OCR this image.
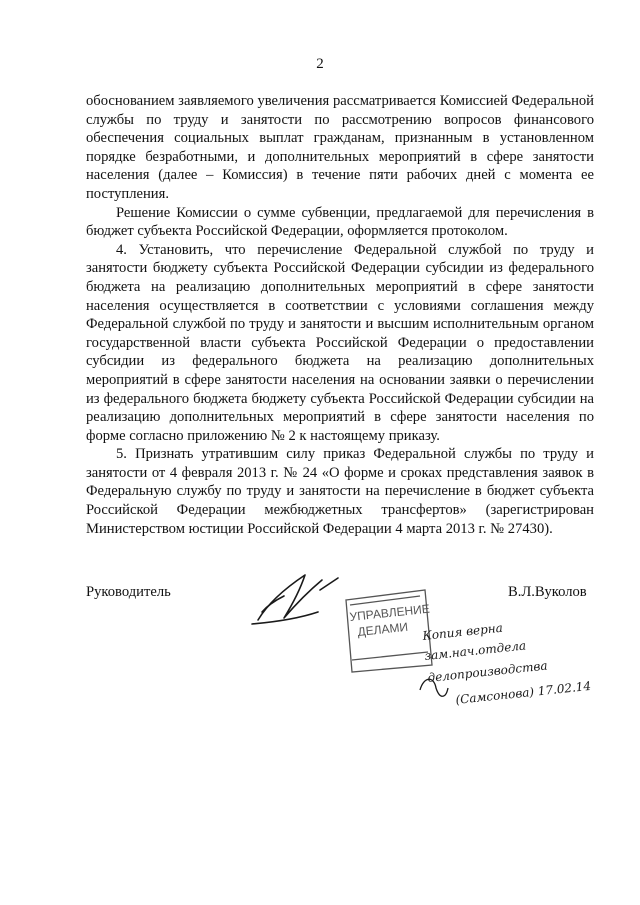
2

обоснованием заявляемого увеличения рассматривается Комиссией Федеральной службы по труду и занятости по рассмотрению вопросов финансового обеспечения социальных выплат гражданам, признанным в установленном порядке безработными, и дополнительных мероприятий в сфере занятости населения (далее – Комиссия) в течение пяти рабочих дней с момента ее поступления.

Решение Комиссии о сумме субвенции, предлагаемой для перечисления в бюджет субъекта Российской Федерации, оформляется протоколом.

4. Установить, что перечисление Федеральной службой по труду и занятости бюджету субъекта Российской Федерации субсидии из федерального бюджета на реализацию дополнительных мероприятий в сфере занятости населения осуществляется в соответствии с условиями соглашения между Федеральной службой по труду и занятости и высшим исполнительным органом государственной власти субъекта Российской Федерации о предоставлении субсидии из федерального бюджета на реализацию дополнительных мероприятий в сфере занятости населения на основании заявки о перечислении из федерального бюджета бюджету субъекта Российской Федерации субсидии на реализацию дополнительных мероприятий в сфере занятости населения по форме согласно приложению № 2 к настоящему приказу.

5. Признать утратившим силу приказ Федеральной службы по труду и занятости от 4 февраля 2013 г. № 24 «О форме и сроках представления заявок в Федеральную службу по труду и занятости на перечисление в бюджет субъекта Российской Федерации межбюджетных трансфертов» (зарегистрирован Министерством юстиции Российской Федерации 4 марта 2013 г. № 27430).

Руководитель	В.Л.Вуколов
УПРАВЛЕНИЕ
ДЕЛАМИ Копия верна
зам.нач.отдела
делопроизводства
(Самсонова) 17.02.14
